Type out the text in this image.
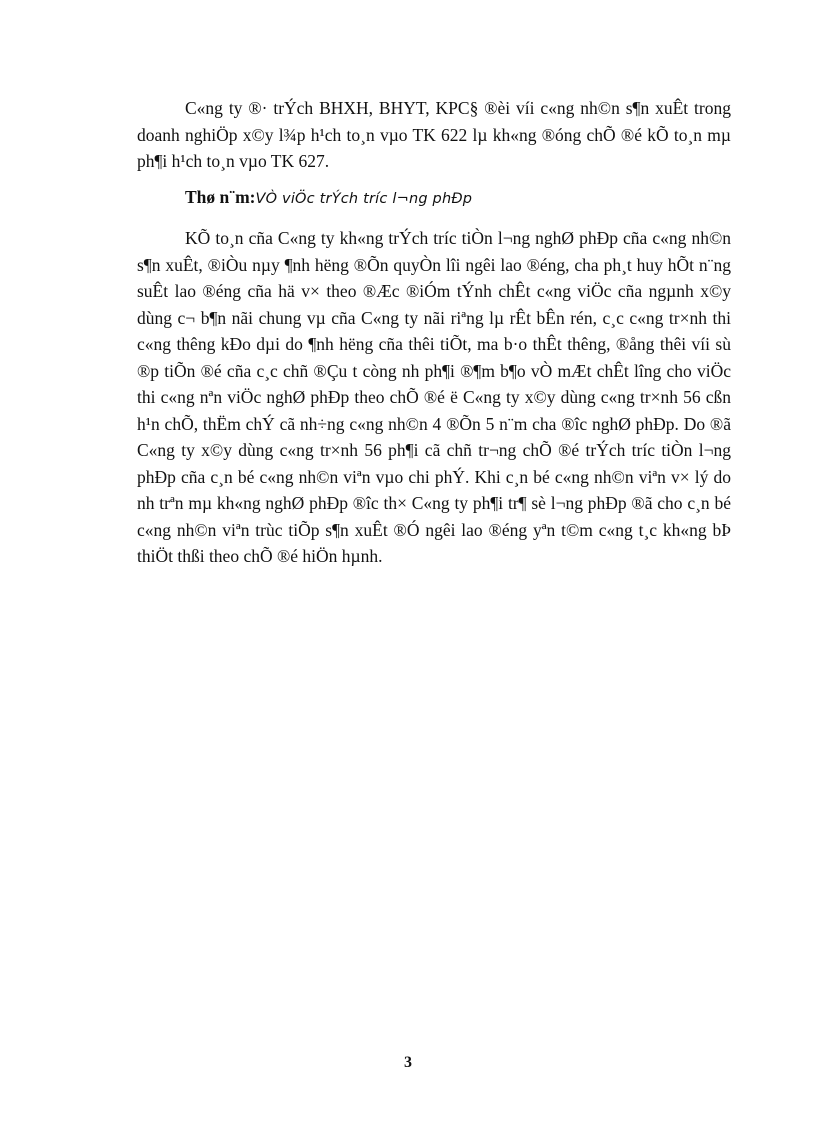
C«ng ty ®· trÝch BHXH, BHYT, KPC§ ®èi víi c«ng nh©n s¶n xuÊt trong doanh nghiÖp x©y l¾p h¹ch to¸n vµo TK 622 lµ kh«ng ®óng chÕ ®é kÕ to¸n mµ ph¶i h¹ch to¸n vµo TK 627.

Thø n¨m:VÒ viÖc trÝch tríc l¬ng phÐp

KÕ to¸n cña C«ng ty kh«ng trÝch tríc tiÒn l¬ng nghØ phÐp cña c«ng nh©n s¶n xuÊt, ®iÒu nµy ¶nh hëng ®Õn quyÒn lîi ngêi lao ®éng, cha ph¸t huy hÕt n¨ng suÊt lao ®éng cña hä v× theo ®Æc ®iÓm tÝnh chÊt c«ng viÖc cña ngµnh x©y dùng c¬ b¶n nãi chung vµ cña C«ng ty nãi riªng lµ rÊt bÊn rén, c¸c c«ng tr×nh thi c«ng thêng kÐo dµi do ¶nh hëng cña thêi tiÕt, ma b·o thÊt thêng, ®ång thêi víi sù ®p tiÕn ®é cña c¸c chñ ®Çu t còng nh ph¶i ®¶m b¶o vÒ mÆt chÊt lîng cho viÖc thi c«ng nªn viÖc nghØ phÐp theo chÕ ®é ë C«ng ty x©y dùng c«ng tr×nh 56 cßn h¹n chÕ, thËm chÝ cã nh÷ng c«ng nh©n 4 ®Õn 5 n¨m cha ®îc nghØ phÐp. Do ®ã C«ng ty x©y dùng c«ng tr×nh 56 ph¶i cã chñ tr¬ng chÕ ®é trÝch tríc tiÒn l¬ng phÐp cña c¸n bé c«ng nh©n viªn vµo chi phÝ. Khi c¸n bé c«ng nh©n viªn v× lý do nh trªn mµ kh«ng nghØ phÐp ®îc th× C«ng ty ph¶i tr¶ sè l¬ng phÐp ®ã cho c¸n bé c«ng nh©n viªn trùc tiÕp s¶n xuÊt ®Ó ngêi lao ®éng yªn t©m c«ng t¸c kh«ng bÞ thiÖt thßi theo chÕ ®é hiÖn hµnh.

3
